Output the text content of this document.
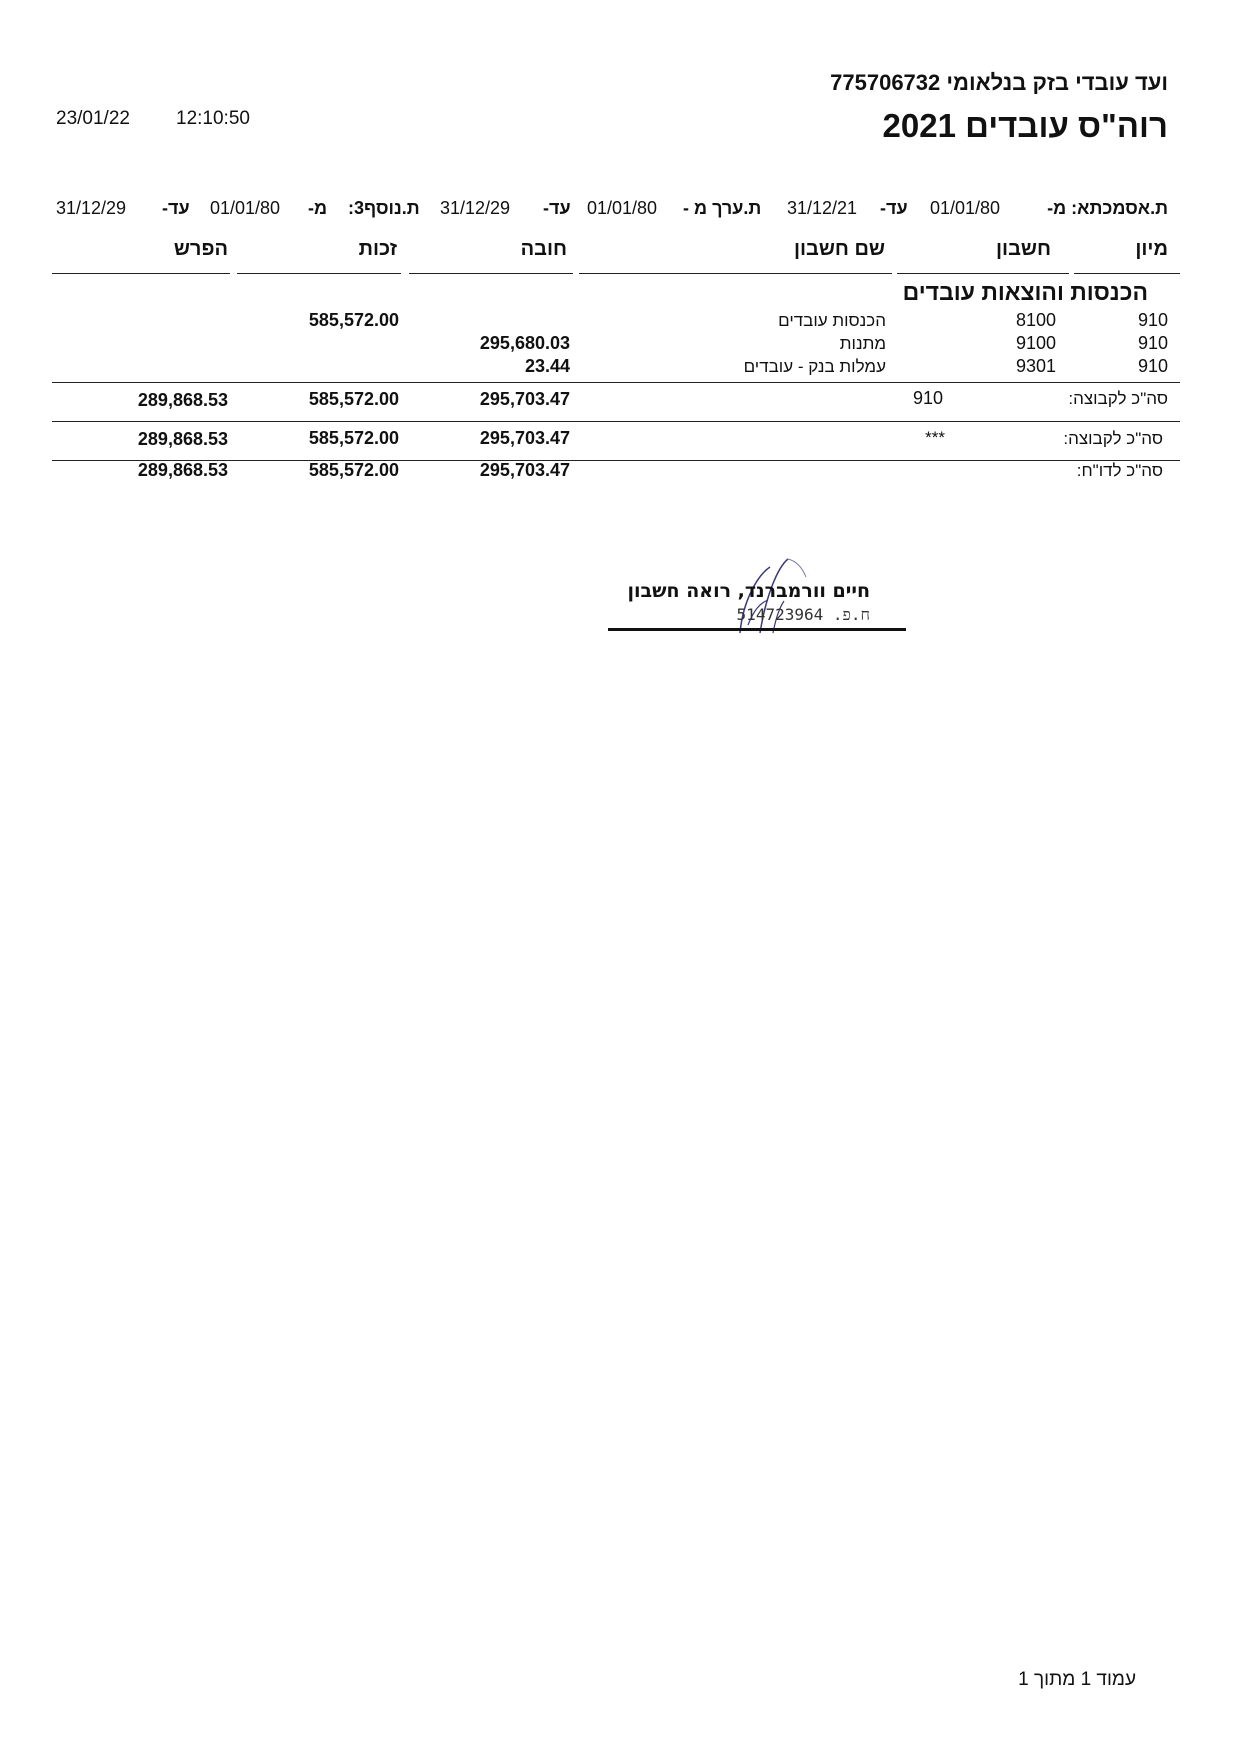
ועד עובדי בזק בנלאומי 775706732
רוה"ס עובדים 2021
23/01/22 12:10:50
ת.אסמכתא: מ-
01/01/80
עד-
31/12/21
ת.ערך מ -
01/01/80
עד-
31/12/29
ת.נוסף3:
מ-
01/01/80
עד-
31/12/29
מיון
חשבון
שם חשבון
חובה
זכות
הפרש
הכנסות והוצאות עובדים
910
8100
הכנסות עובדים
585,572.00
910
9100
מתנות
295,680.03
910
9301
עמלות בנק - עובדים
23.44
סה"כ לקבוצה:
910
295,703.47
585,572.00
289,868.53
סה"כ לקבוצה:
***
295,703.47
585,572.00
289,868.53
סה"כ לדו"ח:
295,703.47
585,572.00
289,868.53
חיים וורמברנד, רואה חשבון
ח.פ. 514723964
עמוד 1 מתוך 1
